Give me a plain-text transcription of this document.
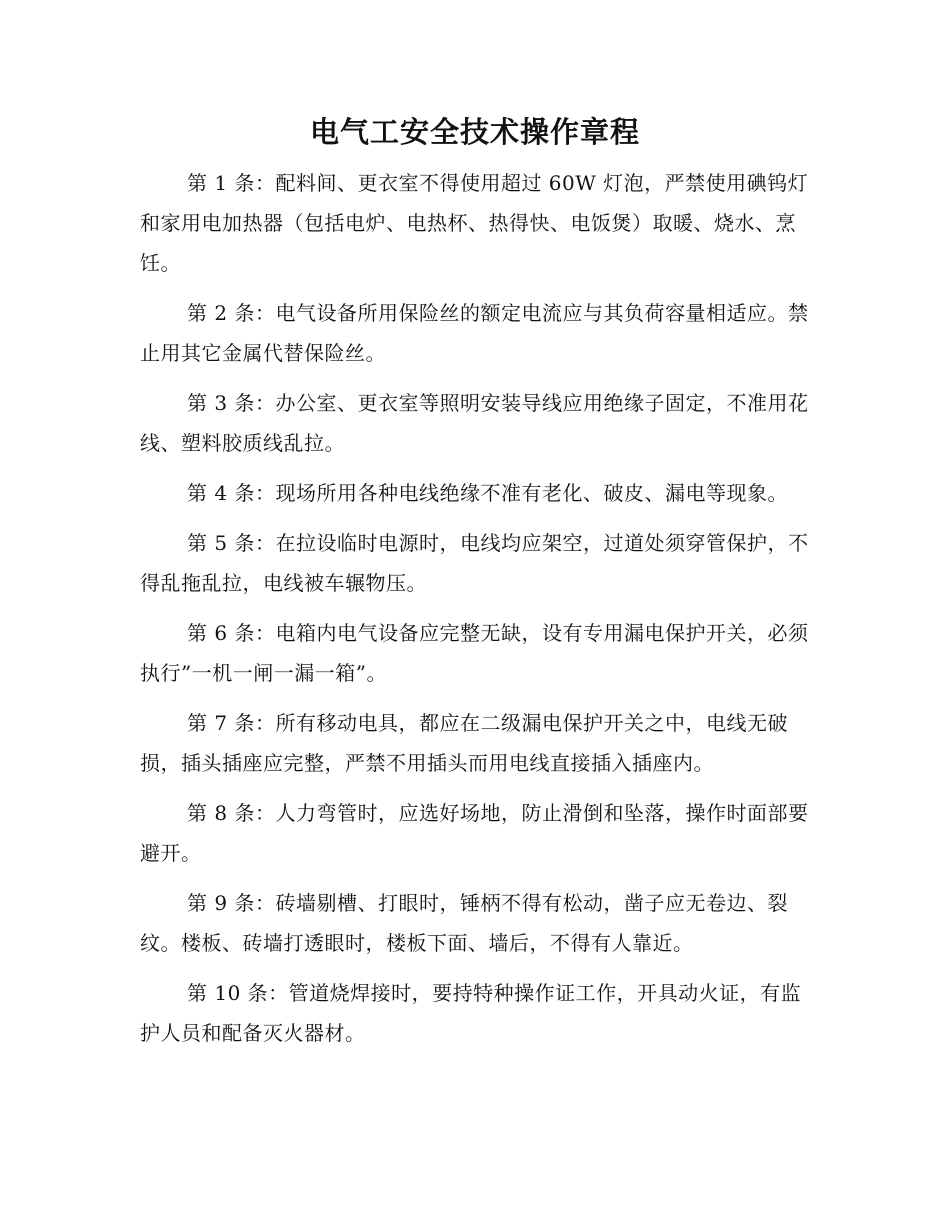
电气工安全技术操作章程

第 1 条：配料间、更衣室不得使用超过 60W 灯泡，严禁使用碘钨灯和家用电加热器（包括电炉、电热杯、热得快、电饭煲）取暖、烧水、烹饪。

第 2 条：电气设备所用保险丝的额定电流应与其负荷容量相适应。禁止用其它金属代替保险丝。

第 3 条：办公室、更衣室等照明安装导线应用绝缘子固定，不准用花线、塑料胶质线乱拉。

第 4 条：现场所用各种电线绝缘不准有老化、破皮、漏电等现象。

第 5 条：在拉设临时电源时，电线均应架空，过道处须穿管保护，不得乱拖乱拉，电线被车辗物压。

第 6 条：电箱内电气设备应完整无缺，设有专用漏电保护开关，必须执行”一机一闸一漏一箱”。

第 7 条：所有移动电具，都应在二级漏电保护开关之中，电线无破损，插头插座应完整，严禁不用插头而用电线直接插入插座内。

第 8 条：人力弯管时，应选好场地，防止滑倒和坠落，操作时面部要避开。

第 9 条：砖墙剔槽、打眼时，锤柄不得有松动，凿子应无卷边、裂纹。楼板、砖墙打透眼时，楼板下面、墙后，不得有人靠近。

第 10 条：管道烧焊接时，要持特种操作证工作，开具动火证，有监护人员和配备灭火器材。
